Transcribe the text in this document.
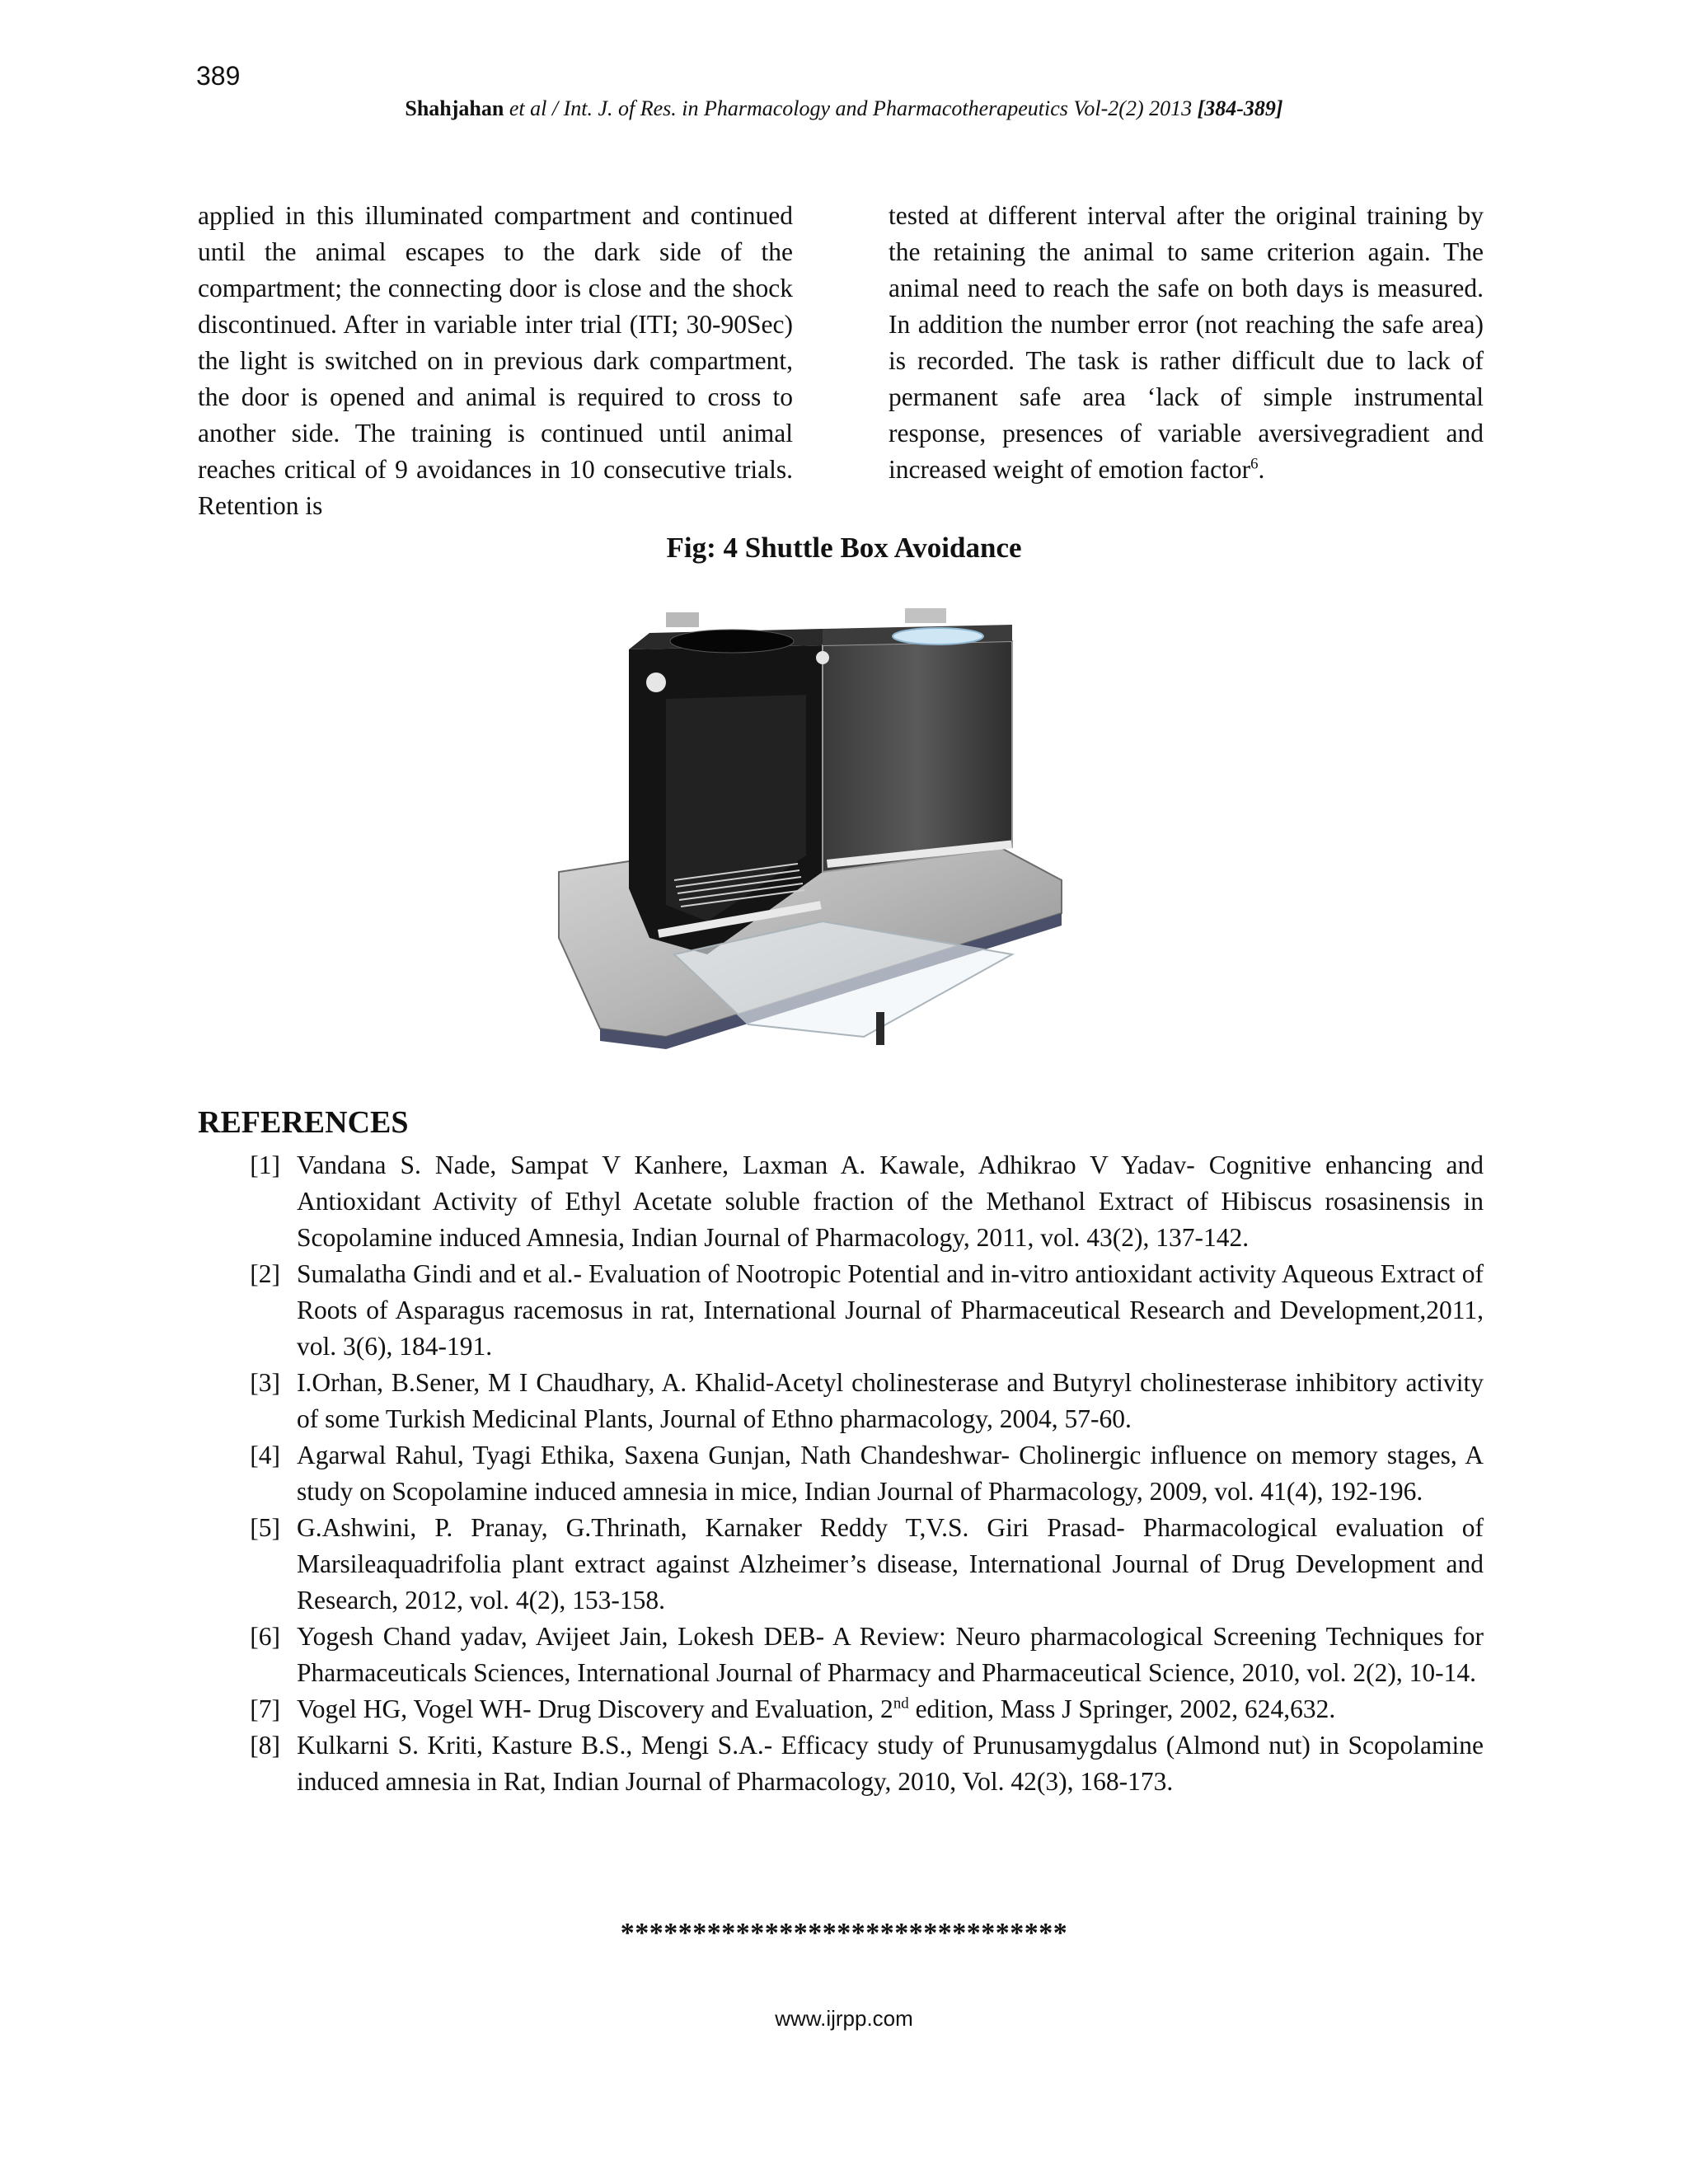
389
Shahjahan et al / Int. J. of Res. in Pharmacology and Pharmacotherapeutics Vol-2(2) 2013 [384-389]

applied in this illuminated compartment and continued until the animal escapes to the dark side of the compartment; the connecting door is close and the shock discontinued. After in variable inter trial (ITI; 30-90Sec) the light is switched on in previous dark compartment, the door is opened and animal is required to cross to another side. The training is continued until animal reaches critical of 9 avoidances in 10 consecutive trials. Retention is

tested at different interval after the original training by the retaining the animal to same criterion again. The animal need to reach the safe on both days is measured. In addition the number error (not reaching the safe area) is recorded. The task is rather difficult due to lack of permanent safe area ‘lack of simple instrumental response, presences of variable aversivegradient and increased weight of emotion factor$^6$.

Fig: 4 Shuttle Box Avoidance
REFERENCES
[1] Vandana S. Nade, Sampat V Kanhere, Laxman A. Kawale, Adhikrao V Yadav- Cognitive enhancing and Antioxidant Activity of Ethyl Acetate soluble fraction of the Methanol Extract of Hibiscus rosasinensis in Scopolamine induced Amnesia, Indian Journal of Pharmacology, 2011, vol. 43(2), 137-142.
[2] Sumalatha Gindi and et al.- Evaluation of Nootropic Potential and in-vitro antioxidant activity Aqueous Extract of Roots of Asparagus racemosus in rat, International Journal of Pharmaceutical Research and Development,2011, vol. 3(6), 184-191.
[3] I.Orhan, B.Sener, M I Chaudhary, A. Khalid-Acetyl cholinesterase and Butyryl cholinesterase inhibitory activity of some Turkish Medicinal Plants, Journal of Ethno pharmacology, 2004, 57-60.
[4] Agarwal Rahul, Tyagi Ethika, Saxena Gunjan, Nath Chandeshwar- Cholinergic influence on memory stages, A study on Scopolamine induced amnesia in mice, Indian Journal of Pharmacology, 2009, vol. 41(4), 192-196.
[5] G.Ashwini, P. Pranay, G.Thrinath, Karnaker Reddy T,V.S. Giri Prasad- Pharmacological evaluation of Marsileaquadrifolia plant extract against Alzheimer’s disease, International Journal of Drug Development and Research, 2012, vol. 4(2), 153-158.
[6] Yogesh Chand yadav, Avijeet Jain, Lokesh DEB- A Review: Neuro pharmacological Screening Techniques for Pharmaceuticals Sciences, International Journal of Pharmacy and Pharmaceutical Science, 2010, vol. 2(2), 10-14.
[7] Vogel HG, Vogel WH- Drug Discovery and Evaluation, 2nd edition, Mass J Springer, 2002, 624,632.
[8] Kulkarni S. Kriti, Kasture B.S., Mengi S.A.- Efficacy study of Prunusamygdalus (Almond nut) in Scopolamine induced amnesia in Rat, Indian Journal of Pharmacology, 2010, Vol. 42(3), 168-173.
*******************************
www.ijrpp.com
